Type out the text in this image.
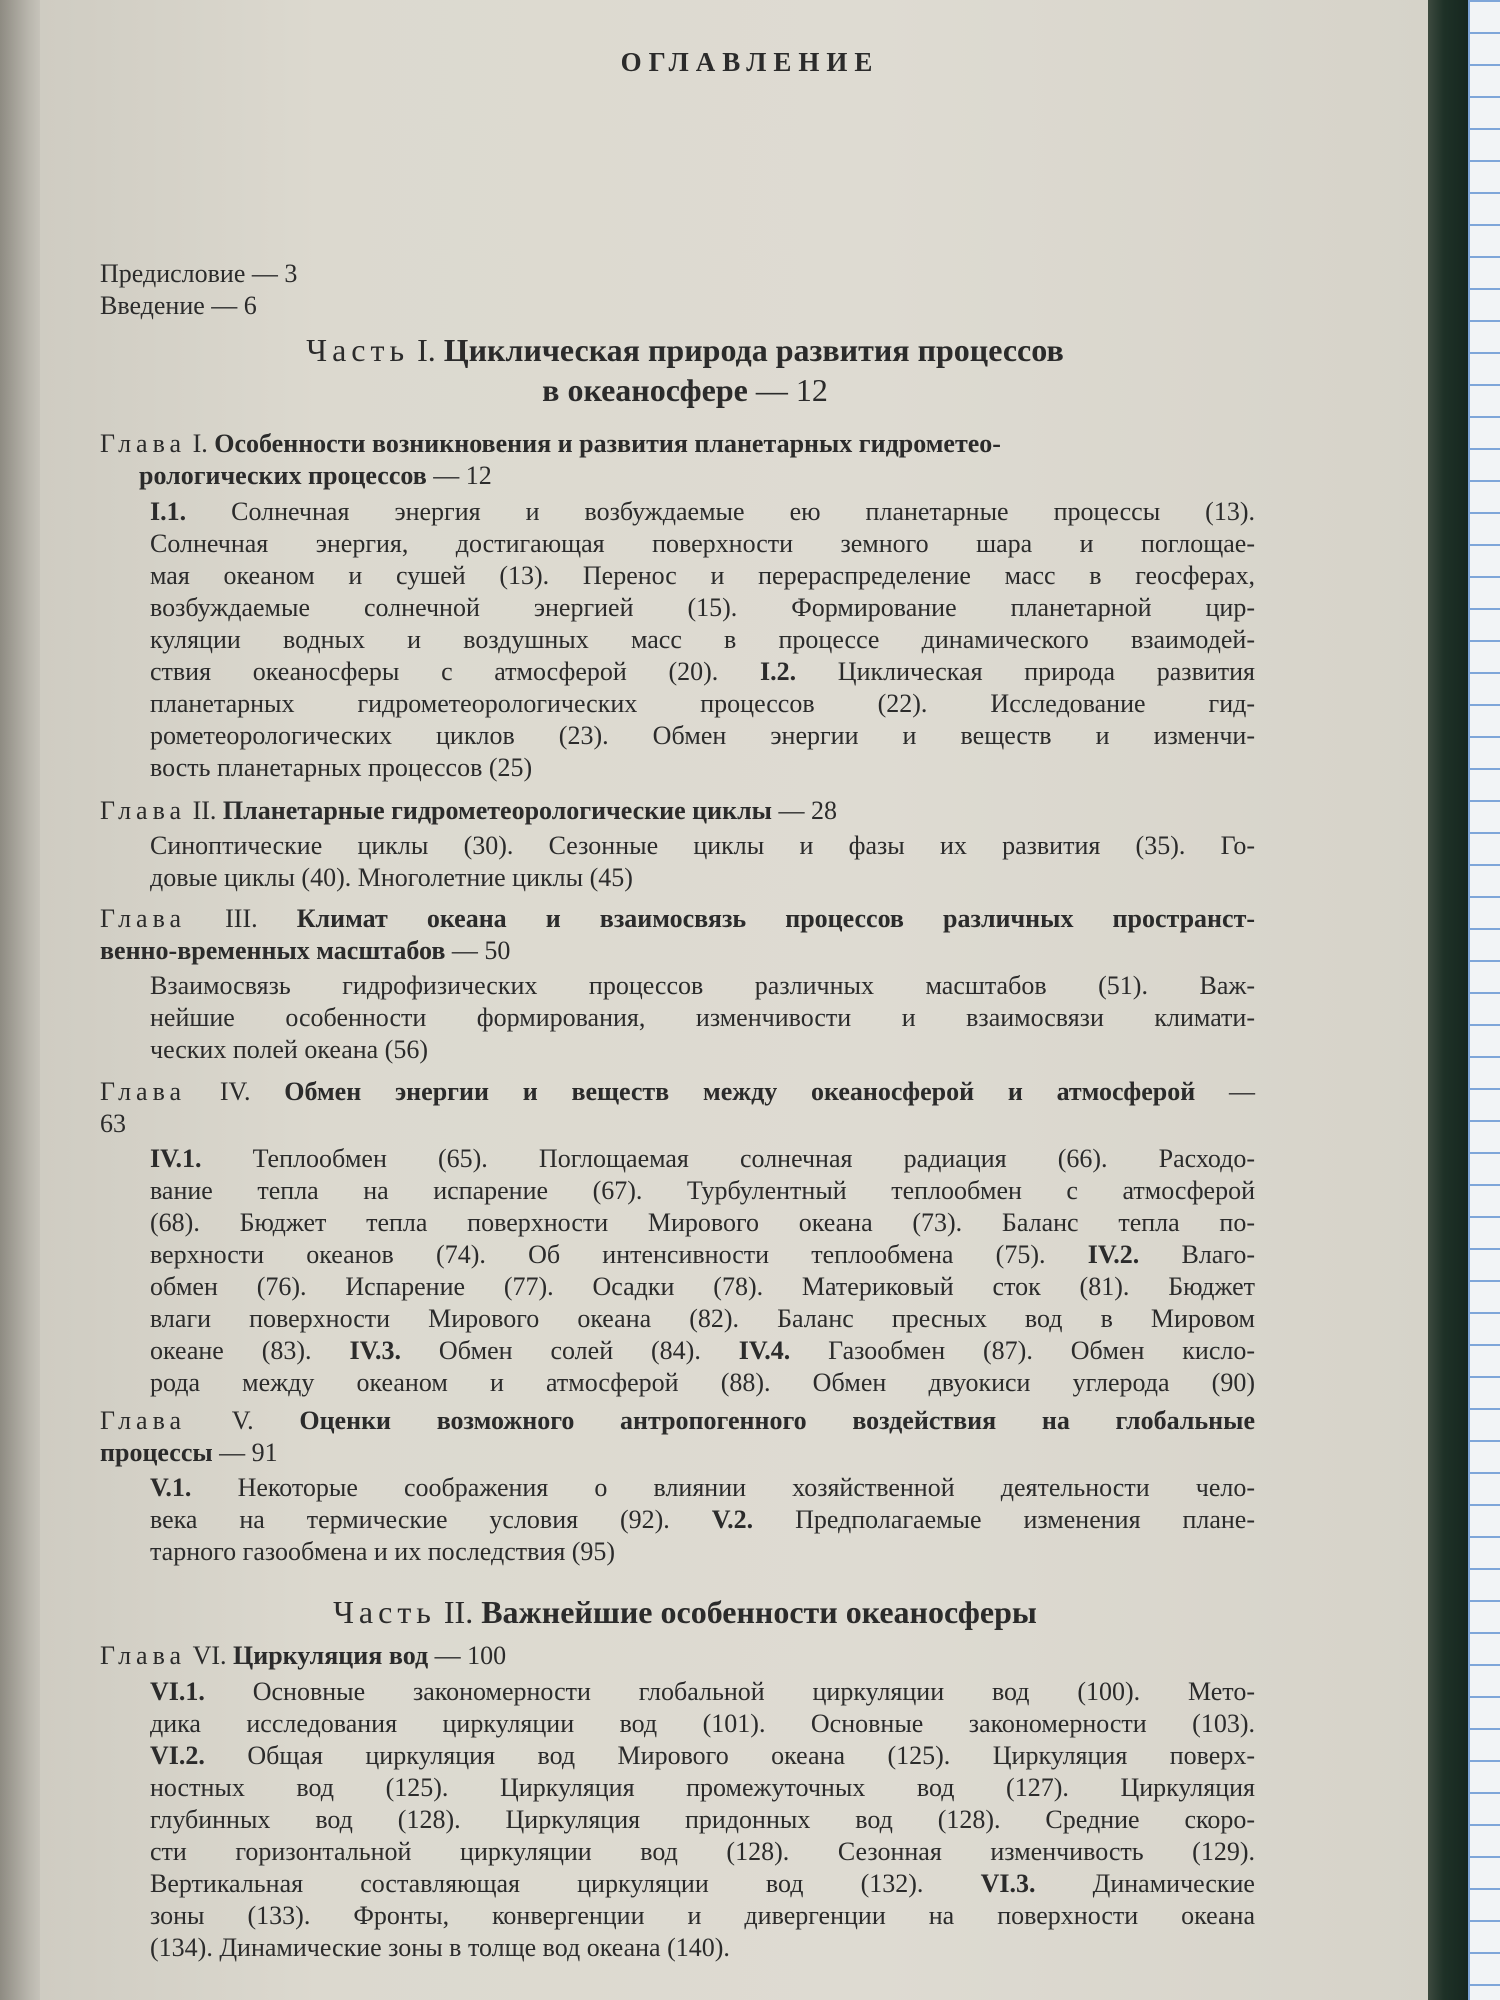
ОГЛАВЛЕНИЕ
Предисловие — 3
Введение — 6
Часть I. Циклическая природа развития процессов
в океаносфере — 12
Глава I. Особенности возникновения и развития планетарных гидрометео-
рологических процессов — 12
I.1. Солнечная энергия и возбуждаемые ею планетарные процессы (13).
Солнечная энергия, достигающая поверхности земного шара и поглощае-
мая океаном и сушей (13). Перенос и перераспределение масс в геосферах,
возбуждаемые солнечной энергией (15). Формирование планетарной цир-
куляции водных и воздушных масс в процессе динамического взаимодей-
ствия океаносферы с атмосферой (20). I.2. Циклическая природа развития
планетарных гидрометеорологических процессов (22). Исследование гид-
рометеорологических циклов (23). Обмен энергии и веществ и изменчи-
вость планетарных процессов (25)
Глава II. Планетарные гидрометеорологические циклы — 28
Синоптические циклы (30). Сезонные циклы и фазы их развития (35). Го-
довые циклы (40). Многолетние циклы (45)
Глава III. Климат океана и взаимосвязь процессов различных пространст-
венно-временных масштабов — 50
Взаимосвязь гидрофизических процессов различных масштабов (51). Важ-
нейшие особенности формирования, изменчивости и взаимосвязи климати-
ческих полей океана (56)
Глава IV. Обмен энергии и веществ между океаносферой и атмосферой —
63
IV.1. Теплообмен (65). Поглощаемая солнечная радиация (66). Расходо-
вание тепла на испарение (67). Турбулентный теплообмен с атмосферой
(68). Бюджет тепла поверхности Мирового океана (73). Баланс тепла по-
верхности океанов (74). Об интенсивности теплообмена (75). IV.2. Влаго-
обмен (76). Испарение (77). Осадки (78). Материковый сток (81). Бюджет
влаги поверхности Мирового океана (82). Баланс пресных вод в Мировом
океане (83). IV.3. Обмен солей (84). IV.4. Газообмен (87). Обмен кисло-
рода между океаном и атмосферой (88). Обмен двуокиси углерода (90)
Глава V. Оценки возможного антропогенного воздействия на глобальные
процессы — 91
V.1. Некоторые соображения о влиянии хозяйственной деятельности чело-
века на термические условия (92). V.2. Предполагаемые изменения плане-
тарного газообмена и их последствия (95)
Часть II. Важнейшие особенности океаносферы
Глава VI. Циркуляция вод — 100
VI.1. Основные закономерности глобальной циркуляции вод (100). Мето-
дика исследования циркуляции вод (101). Основные закономерности (103).
VI.2. Общая циркуляция вод Мирового океана (125). Циркуляция поверх-
ностных вод (125). Циркуляция промежуточных вод (127). Циркуляция
глубинных вод (128). Циркуляция придонных вод (128). Средние скоро-
сти горизонтальной циркуляции вод (128). Сезонная изменчивость (129).
Вертикальная составляющая циркуляции вод (132). VI.3. Динамические
зоны (133). Фронты, конвергенции и дивергенции на поверхности океана
(134). Динамические зоны в толще вод океана (140).
